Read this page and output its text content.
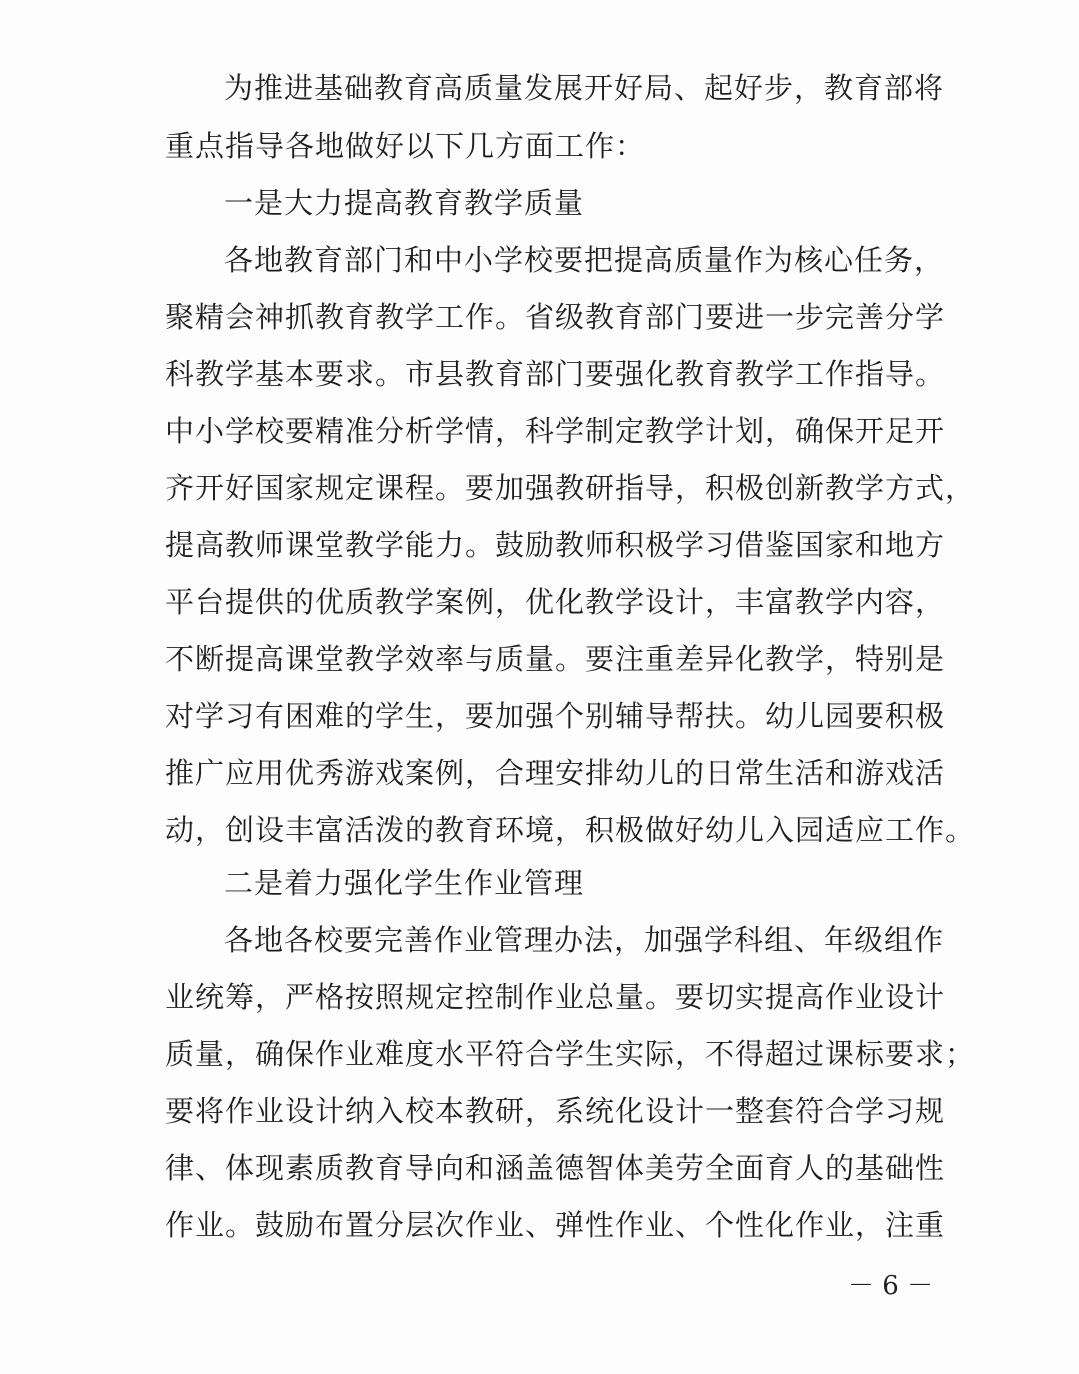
为推进基础教育高质量发展开好局、起好步，教育部将
重点指导各地做好以下几方面工作：
一是大力提高教育教学质量
各地教育部门和中小学校要把提高质量作为核心任务，
聚精会神抓教育教学工作。省级教育部门要进一步完善分学
科教学基本要求。市县教育部门要强化教育教学工作指导。
中小学校要精准分析学情，科学制定教学计划，确保开足开
齐开好国家规定课程。要加强教研指导，积极创新教学方式，
提高教师课堂教学能力。鼓励教师积极学习借鉴国家和地方
平台提供的优质教学案例，优化教学设计，丰富教学内容，
不断提高课堂教学效率与质量。要注重差异化教学，特别是
对学习有困难的学生，要加强个别辅导帮扶。幼儿园要积极
推广应用优秀游戏案例，合理安排幼儿的日常生活和游戏活
动，创设丰富活泼的教育环境，积极做好幼儿入园适应工作。
二是着力强化学生作业管理
各地各校要完善作业管理办法，加强学科组、年级组作
业统筹，严格按照规定控制作业总量。要切实提高作业设计
质量，确保作业难度水平符合学生实际，不得超过课标要求；
要将作业设计纳入校本教研，系统化设计一整套符合学习规
律、体现素质教育导向和涵盖德智体美劳全面育人的基础性
作业。鼓励布置分层次作业、弹性作业、个性化作业，注重
－ 6 －
